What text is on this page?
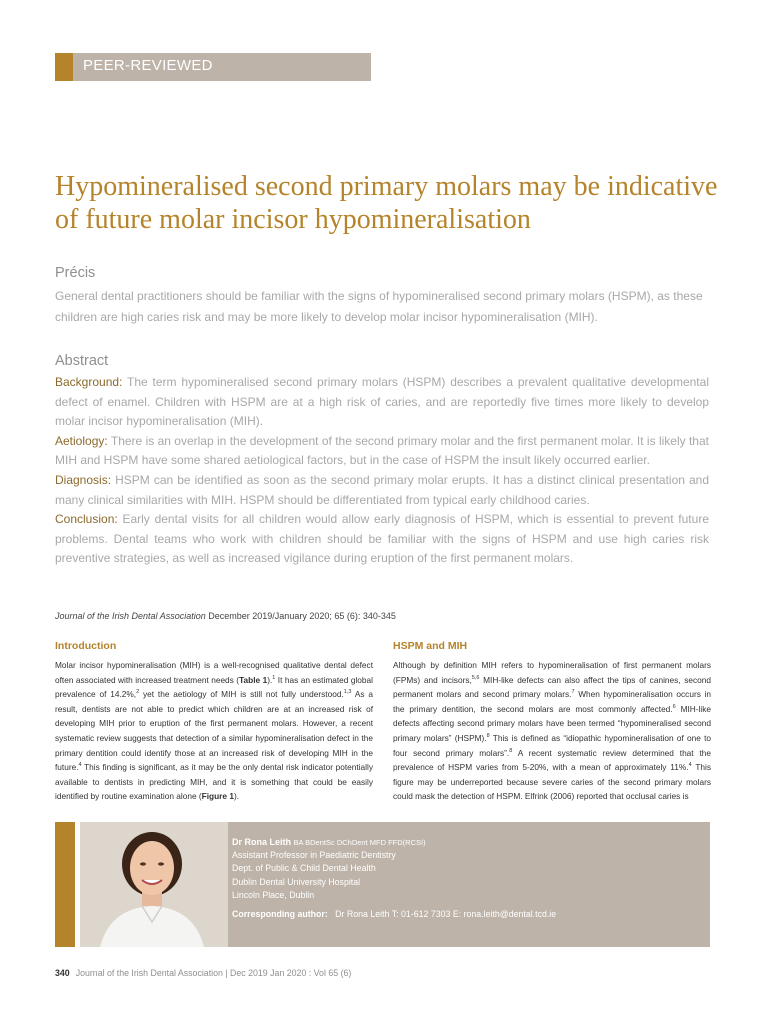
PEER-REVIEWED
Hypomineralised second primary molars may be indicative of future molar incisor hypomineralisation
Précis

General dental practitioners should be familiar with the signs of hypomineralised second primary molars (HSPM), as these children are high caries risk and may be more likely to develop molar incisor hypomineralisation (MIH).

Abstract

Background: The term hypomineralised second primary molars (HSPM) describes a prevalent qualitative developmental defect of enamel. Children with HSPM are at a high risk of caries, and are reportedly five times more likely to develop molar incisor hypomineralisation (MIH).

Aetiology: There is an overlap in the development of the second primary molar and the first permanent molar. It is likely that MIH and HSPM have some shared aetiological factors, but in the case of HSPM the insult likely occurred earlier.

Diagnosis: HSPM can be identified as soon as the second primary molar erupts. It has a distinct clinical presentation and many clinical similarities with MIH. HSPM should be differentiated from typical early childhood caries.

Conclusion: Early dental visits for all children would allow early diagnosis of HSPM, which is essential to prevent future problems. Dental teams who work with children should be familiar with the signs of HSPM and use high caries risk preventive strategies, as well as increased vigilance during eruption of the first permanent molars.

Journal of the Irish Dental Association December 2019/January 2020; 65 (6): 340-345
Introduction

Molar incisor hypomineralisation (MIH) is a well-recognised qualitative dental defect often associated with increased treatment needs (Table 1).$^1$ It has an estimated global prevalence of 14.2%,$^2$ yet the aetiology of MIH is still not fully understood.$^{1,3}$ As a result, dentists are not able to predict which children are at an increased risk of developing MIH prior to eruption of the first permanent molars. However, a recent systematic review suggests that detection of a similar hypomineralisation defect in the primary dentition could identify those at an increased risk of developing MIH in the future.$^4$ This finding is significant, as it may be the only dental risk indicator potentially available to dentists in predicting MIH, and it is something that could be easily identified by routine examination alone (Figure 1).

HSPM and MIH

Although by definition MIH refers to hypomineralisation of first permanent molars (FPMs) and incisors,$^{5,6}$ MIH-like defects can also affect the tips of canines, second permanent molars and second primary molars.$^7$ When hypomineralisation occurs in the primary dentition, the second molars are most commonly affected.$^6$ MIH-like defects affecting second primary molars have been termed “hypomineralised second primary molars” (HSPM).$^8$ This is defined as “idiopathic hypomineralisation of one to four second primary molars”.$^8$ A recent systematic review determined that the prevalence of HSPM varies from 5-20%, with a mean of approximately 11%.$^4$ This figure may be underreported because severe caries of the second primary molars could mask the detection of HSPM. Elfrink (2006) reported that occlusal caries is

Dr Rona Leith BA BDentSc DChDent MFD FFD(RCSI)
Assistant Professor in Paediatric Dentistry
Dept. of Public & Child Dental Health
Dublin Dental University Hospital
Lincoln Place, Dublin
Corresponding author: Dr Rona Leith T: 01-612 7303 E: rona.leith@dental.tcd.ie
340 Journal of the Irish Dental Association | Dec 2019 Jan 2020 : Vol 65 (6)
